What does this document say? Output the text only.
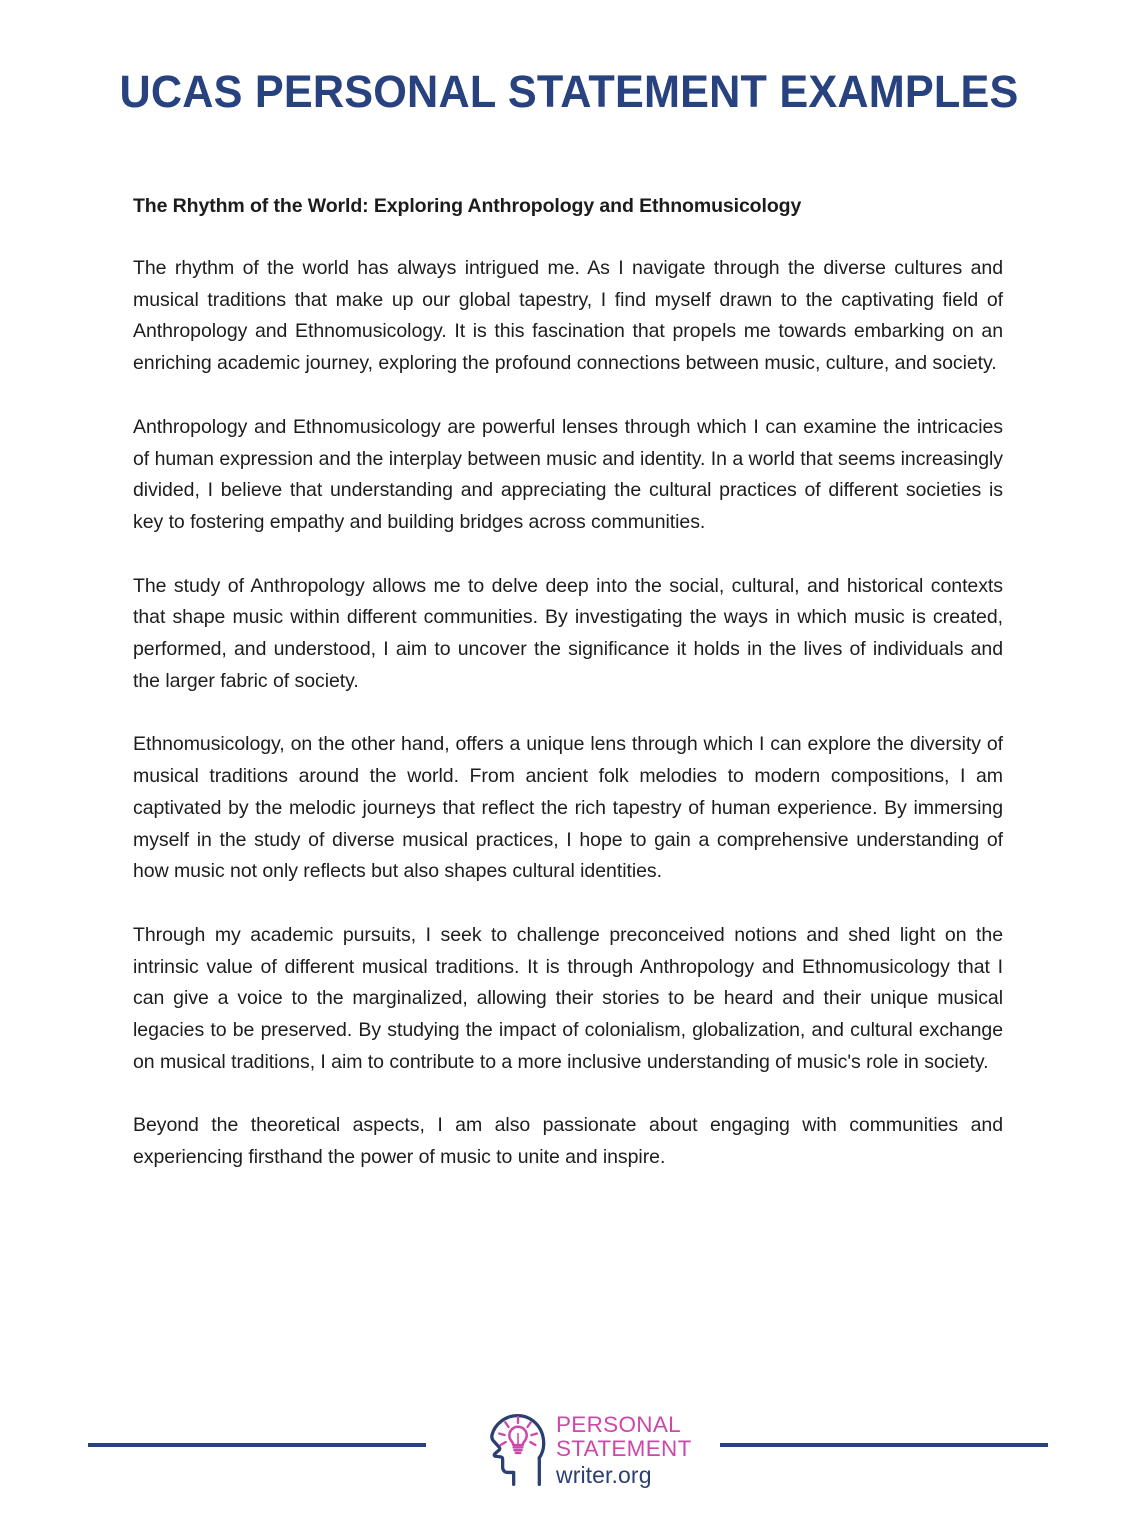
UCAS PERSONAL STATEMENT EXAMPLES
The Rhythm of the World: Exploring Anthropology and Ethnomusicology

The rhythm of the world has always intrigued me. As I navigate through the diverse cultures and musical traditions that make up our global tapestry, I find myself drawn to the captivating field of Anthropology and Ethnomusicology. It is this fascination that propels me towards embarking on an enriching academic journey, exploring the profound connections between music, culture, and society.

Anthropology and Ethnomusicology are powerful lenses through which I can examine the intricacies of human expression and the interplay between music and identity. In a world that seems increasingly divided, I believe that understanding and appreciating the cultural practices of different societies is key to fostering empathy and building bridges across communities.

The study of Anthropology allows me to delve deep into the social, cultural, and historical contexts that shape music within different communities. By investigating the ways in which music is created, performed, and understood, I aim to uncover the significance it holds in the lives of individuals and the larger fabric of society.

Ethnomusicology, on the other hand, offers a unique lens through which I can explore the diversity of musical traditions around the world. From ancient folk melodies to modern compositions, I am captivated by the melodic journeys that reflect the rich tapestry of human experience. By immersing myself in the study of diverse musical practices, I hope to gain a comprehensive understanding of how music not only reflects but also shapes cultural identities.

Through my academic pursuits, I seek to challenge preconceived notions and shed light on the intrinsic value of different musical traditions. It is through Anthropology and Ethnomusicology that I can give a voice to the marginalized, allowing their stories to be heard and their unique musical legacies to be preserved. By studying the impact of colonialism, globalization, and cultural exchange on musical traditions, I aim to contribute to a more inclusive understanding of music's role in society.

Beyond the theoretical aspects, I am also passionate about engaging with communities and experiencing firsthand the power of music to unite and inspire.

PERSONAL
STATEMENT
writer.org
